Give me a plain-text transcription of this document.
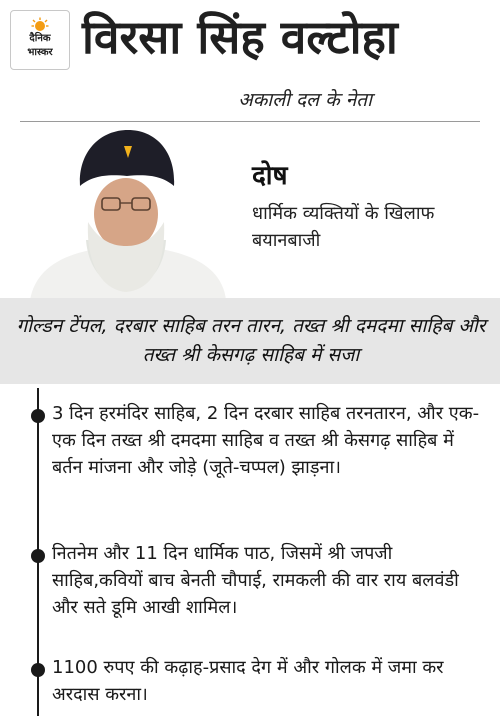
दैनिक
भास्कर विरसा सिंह वल्टोहा
अकाली दल के नेता
दोष
धार्मिक व्यक्तियों के खिलाफ बयानबाजी
गोल्डन टेंपल, दरबार साहिब तरन तारन, तख्त श्री दमदमा साहिब और तख्त श्री केसगढ़ साहिब में सजा
3 दिन हरमंदिर साहिब, 2 दिन दरबार साहिब तरनतारन, और एक-एक दिन तख्त श्री दमदमा साहिब व तख्त श्री केसगढ़ साहिब में बर्तन मांजना और जोड़े (जूते-चप्पल) झाड़ना।
नितनेम और 11 दिन धार्मिक पाठ, जिसमें श्री जपजी साहिब,कवियों बाच बेनती चौपाई, रामकली की वार राय बलवंडी और सते डूमि आखी शामिल।
1100 रुपए की कढ़ाह-प्रसाद देग में और गोलक में जमा कर अरदास करना।
